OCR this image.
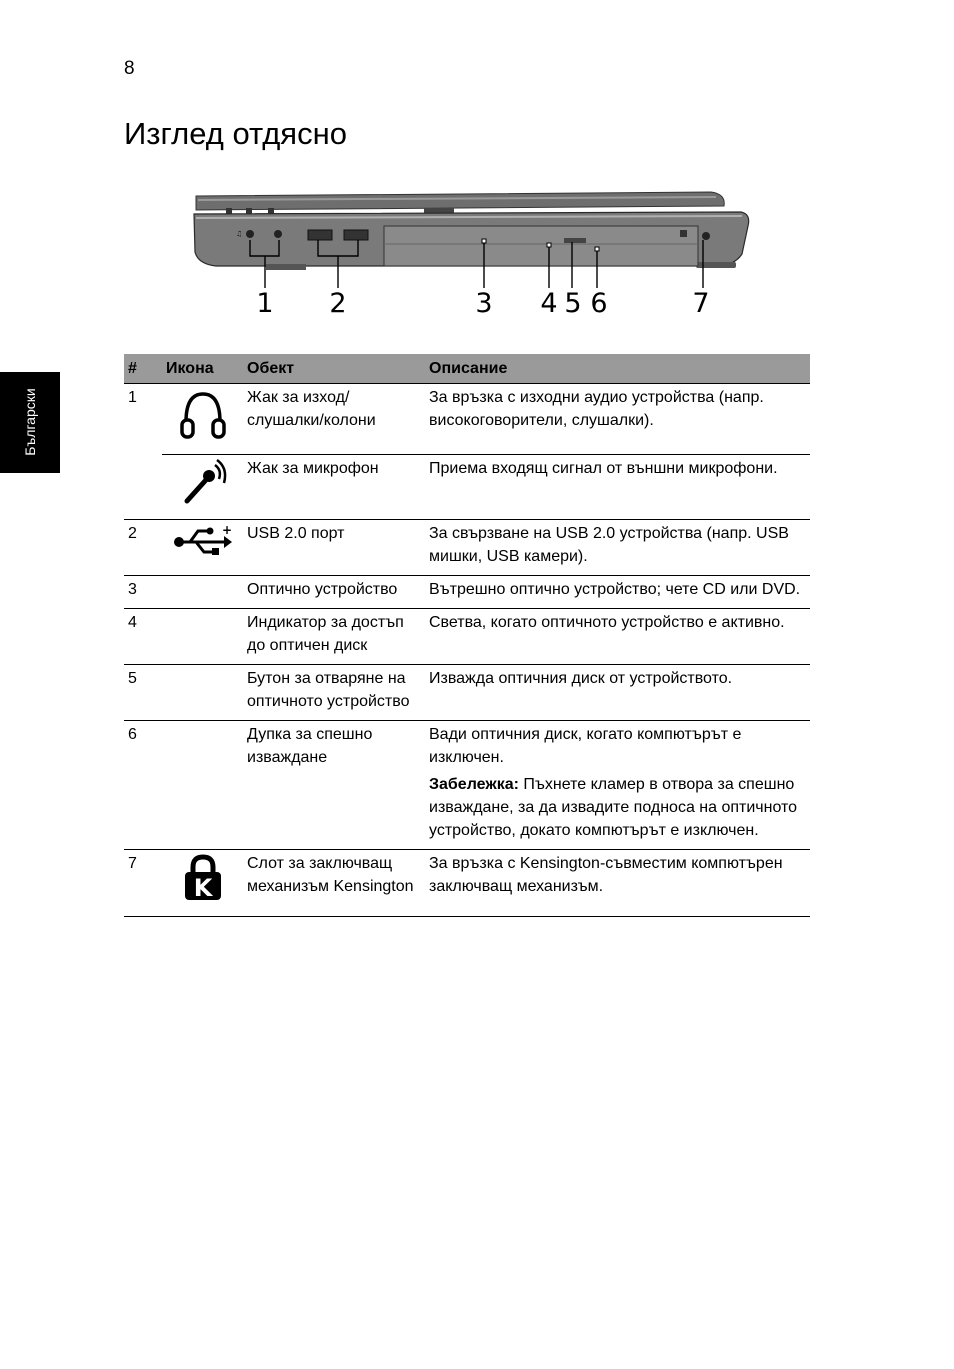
8
Изглед отдясно
Български
♫
1 2	3 4 5 6	7
#	Икона	Обект	Описание
1		Жак за изход/ слушалки/колони	За връзка с изходни аудио устройства (напр. високоговорители, слушалки).
		Жак за микрофон	Приема входящ сигнал от външни микрофони.
2	+	USB 2.0 порт	За свързване на USB 2.0 устройства (напр. USB мишки, USB камери).
3		Оптично устройство	Вътрешно оптично устройство; чете CD или DVD.
4		Индикатор за достъп до оптичен диск	Светва, когато оптичното устройство е активно.
5		Бутон за отваряне на оптичното устройство	Изважда оптичния диск от устройството.
6		Дупка за спешно изваждане	Вади оптичния диск, когато компютърът е изключен.

Забележка: Пъхнете кламер в отвора за спешно изваждане, за да извадите подноса на оптичното устройство, докато компютърът е изключен.

7	K	Слот за заключващ механизъм Kensington	За връзка с Kensington-съвместим компютърен заключващ механизъм.
